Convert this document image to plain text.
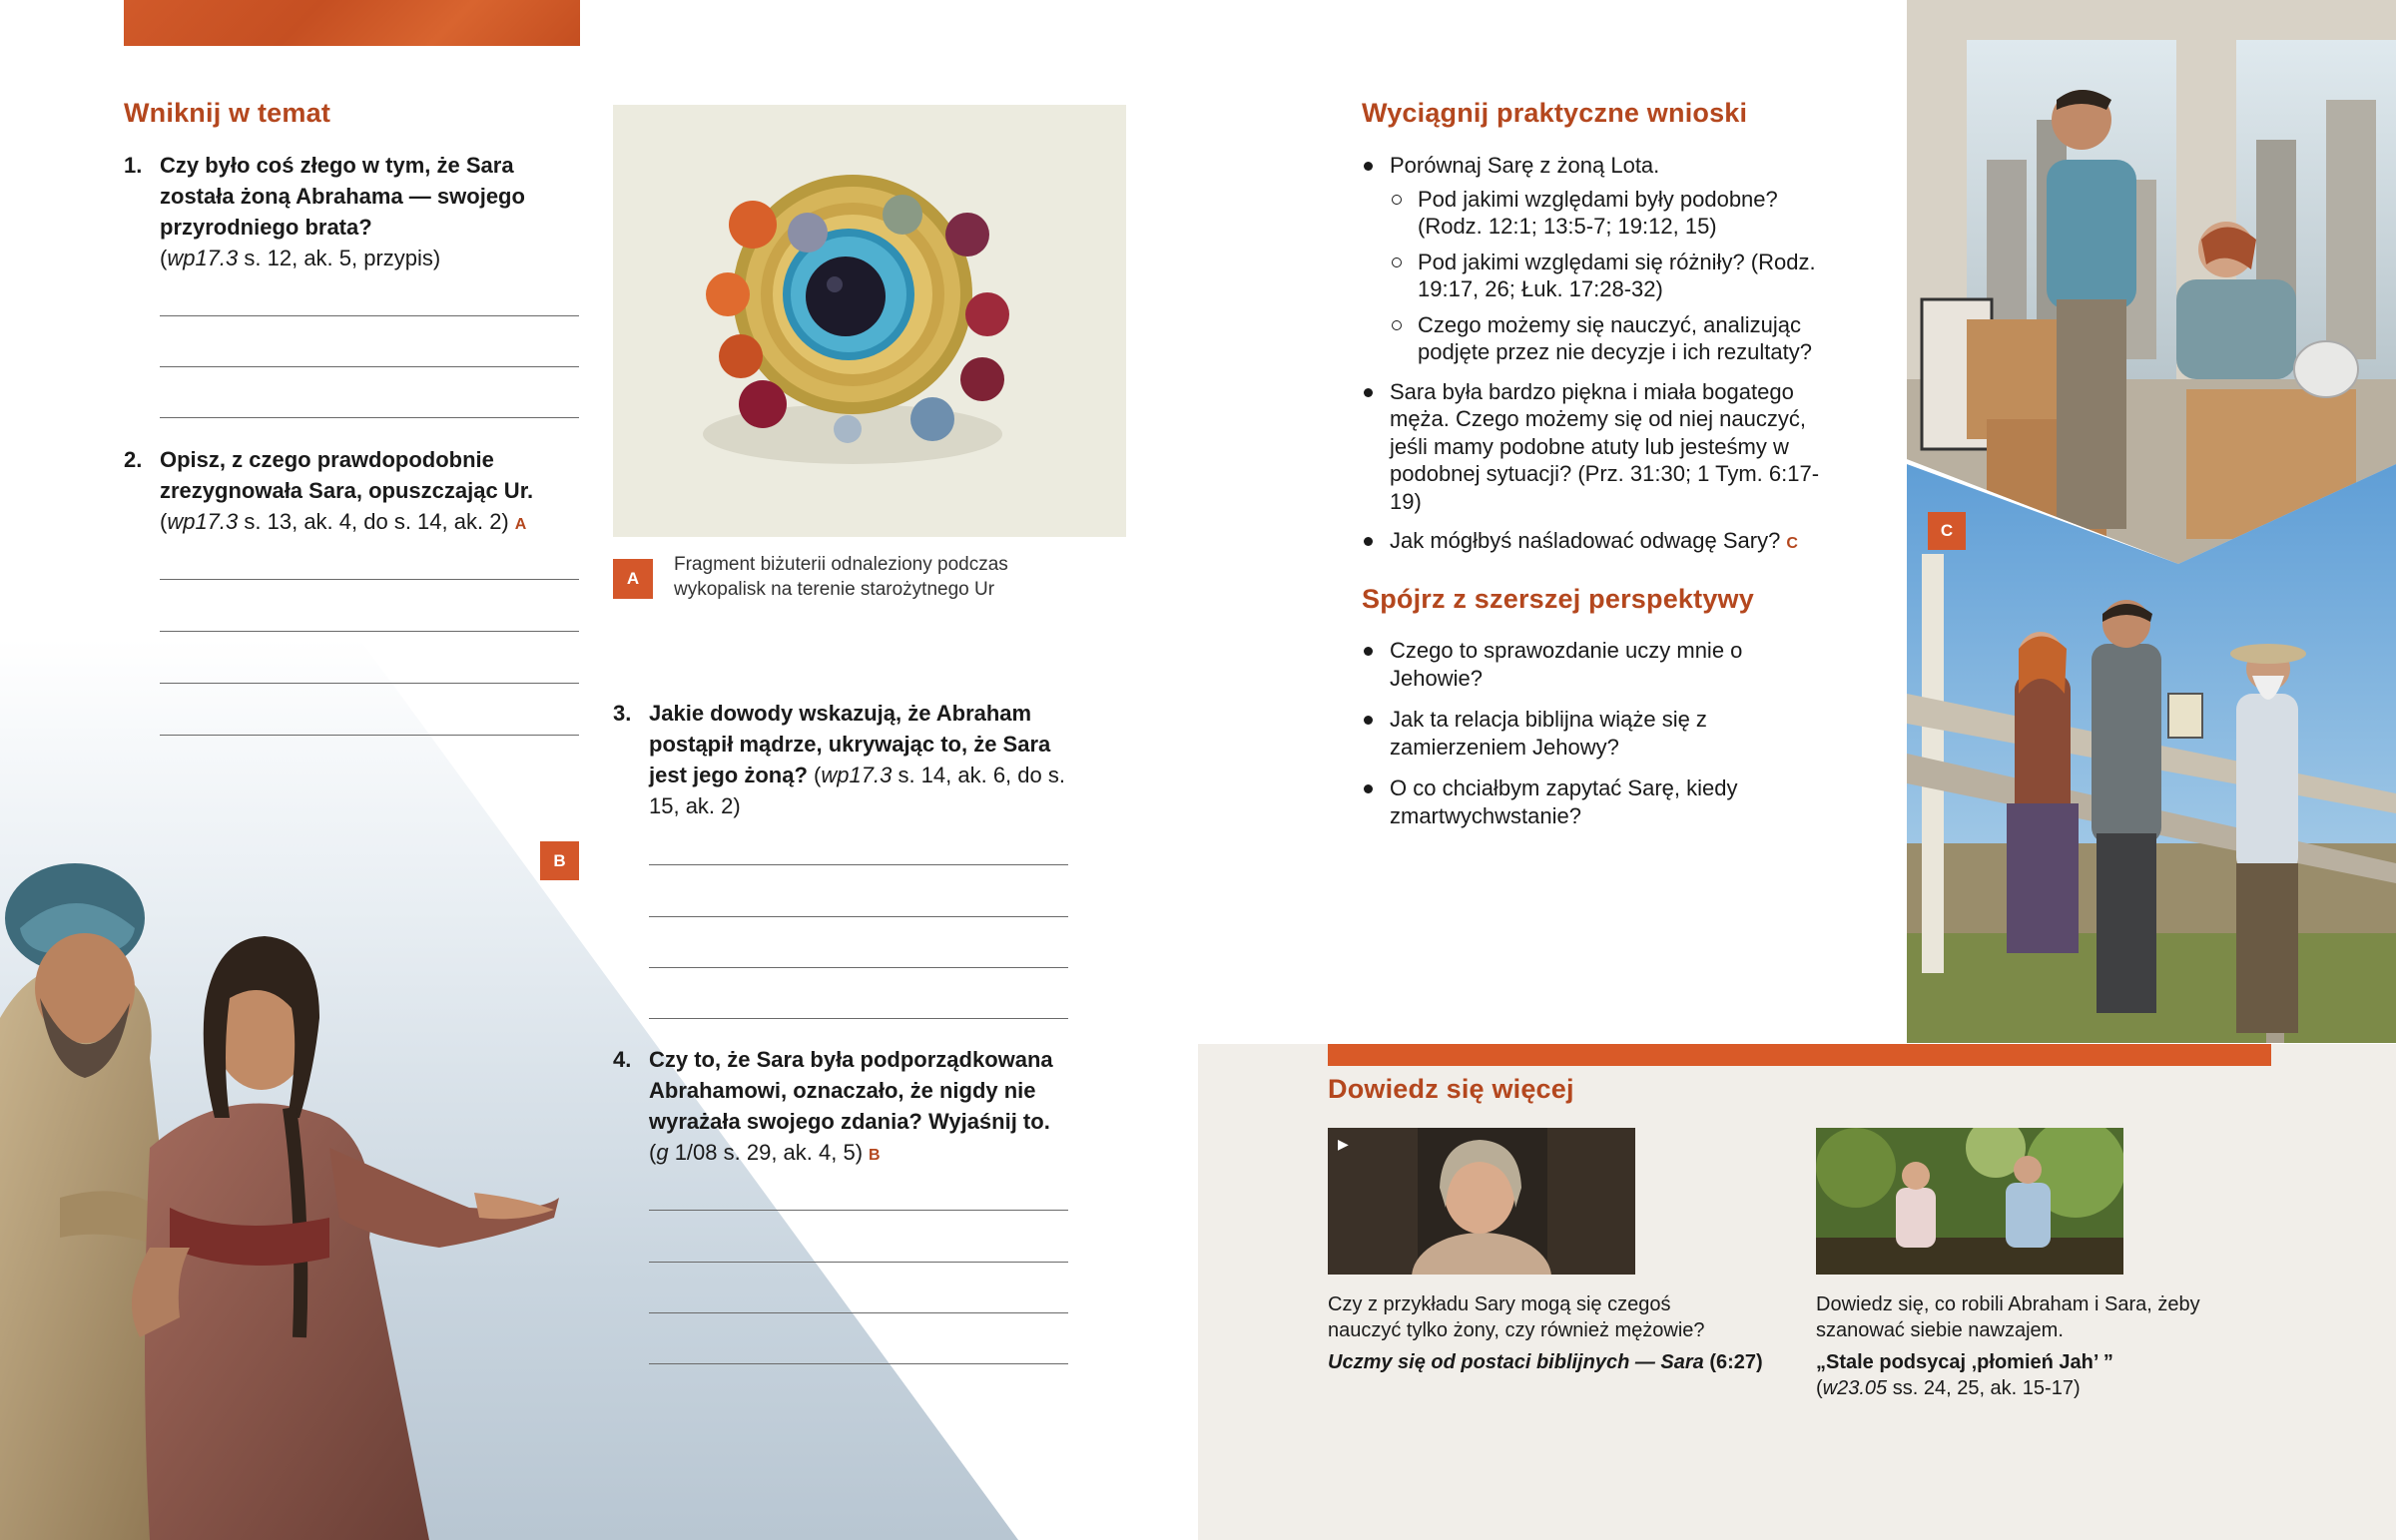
Wniknij w temat
1. Czy było coś złego w tym, że Sara została żoną Abrahama — swojego przyrodniego brata?
(wp17.3 s. 12, ak. 5, przypis)
2. Opisz, z czego prawdopodobnie zrezygnowała Sara, opuszczając Ur.
(wp17.3 s. 13, ak. 4, do s. 14, ak. 2) A
B
A
Fragment biżuterii odnaleziony podczas wykopalisk na terenie starożytnego Ur
3. Jakie dowody wskazują, że Abraham postąpił mądrze, ukrywając to, że Sara jest jego żoną? (wp17.3 s. 14, ak. 6, do s. 15, ak. 2)
4. Czy to, że Sara była podporządkowana Abrahamowi, oznaczało, że nigdy nie wyrażała swojego zdania? Wyjaśnij to.
(g 1/08 s. 29, ak. 4, 5) B
C
Wyciągnij praktyczne wnioski
Porównaj Sarę z żoną Lota.
Pod jakimi względami były podobne? (Rodz. 12:1; 13:5-7; 19:12, 15)
Pod jakimi względami się różniły? (Rodz. 19:17, 26; Łuk. 17:28-32)
Czego możemy się nauczyć, analizując podjęte przez nie decyzje i ich rezultaty?
Sara była bardzo piękna i miała bogatego męża. Czego możemy się od niej nauczyć, jeśli mamy podobne atuty lub jesteśmy w podobnej sytuacji? (Prz. 31:30; 1 Tym. 6:17-19)
Jak mógłbyś naśladować odwagę Sary? C
Spójrz z szerszej perspektywy
Czego to sprawozdanie uczy mnie o Jehowie?
Jak ta relacja biblijna wiąże się z zamierzeniem Jehowy?
O co chciałbym zapytać Sarę, kiedy zmartwychwstanie?
Dowiedz się więcej
▶
Czy z przykładu Sary mogą się czegoś nauczyć tylko żony, czy również mężowie?
Uczmy się od postaci biblijnych — Sara (6:27)
Dowiedz się, co robili Abraham i Sara, żeby szanować siebie nawzajem.
„Stale podsycaj ‚płomień Jah’ ”
(w23.05 ss. 24, 25, ak. 15-17)
